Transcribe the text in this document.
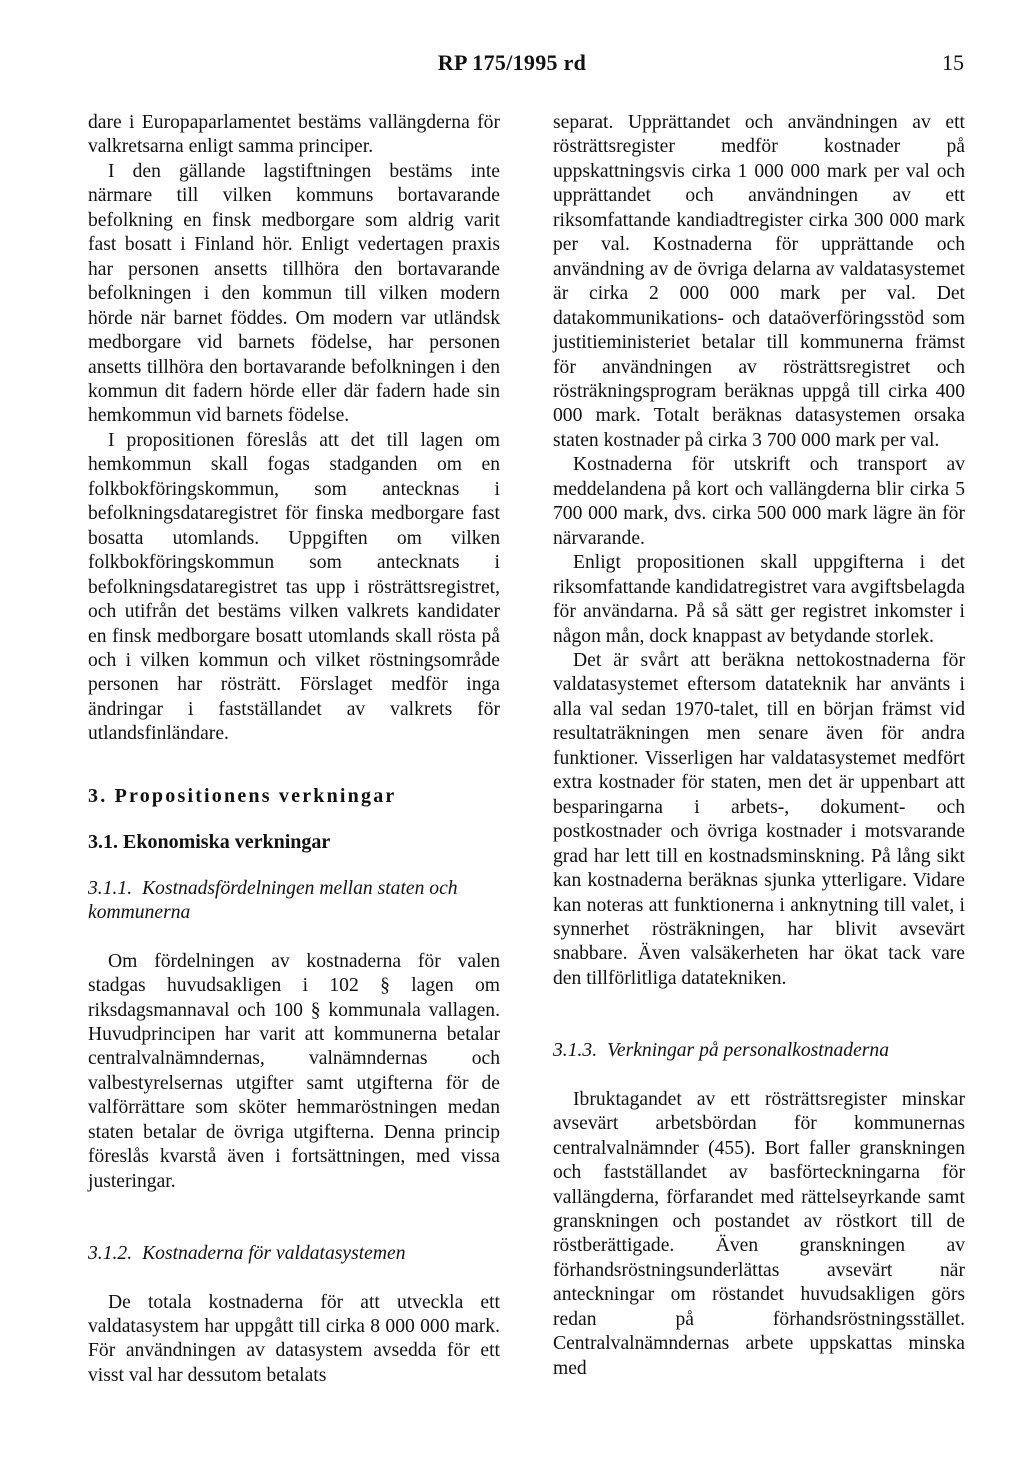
RP 175/1995 rd	15

dare i Europaparlamentet bestäms vallängderna för valkretsarna enligt samma principer.

I den gällande lagstiftningen bestäms inte närmare till vilken kommuns bortavarande befolkning en finsk medborgare som aldrig varit fast bosatt i Finland hör. Enligt vedertagen praxis har personen ansetts tillhöra den bortavarande befolkningen i den kommun till vilken modern hörde när barnet föddes. Om modern var utländsk medborgare vid barnets födelse, har personen ansetts tillhöra den bortavarande befolkningen i den kommun dit fadern hörde eller där fadern hade sin hemkommun vid barnets födelse.

I propositionen föreslås att det till lagen om hemkommun skall fogas stadganden om en folkbokföringskommun, som antecknas i befolkningsdataregistret för finska medborgare fast bosatta utomlands. Uppgiften om vilken folkbokföringskommun som antecknats i befolkningsdataregistret tas upp i rösträttsregistret, och utifrån det bestäms vilken valkrets kandidater en finsk medborgare bosatt utomlands skall rösta på och i vilken kommun och vilket röstningsområde personen har rösträtt. Förslaget medför inga ändringar i fastställandet av valkrets för utlandsfinländare.

3. Propositionens verkningar
3.1. Ekonomiska verkningar
3.1.1. Kostnadsfördelningen mellan staten och kommunerna

Om fördelningen av kostnaderna för valen stadgas huvudsakligen i 102 § lagen om riksdagsmannaval och 100 § kommunala vallagen. Huvudprincipen har varit att kommunerna betalar centralvalnämndernas, valnämndernas och valbestyrelsernas utgifter samt utgifterna för de valförrättare som sköter hemmaröstningen medan staten betalar de övriga utgifterna. Denna princip föreslås kvarstå även i fortsättningen, med vissa justeringar.

3.1.2. Kostnaderna för valdatasystemen

De totala kostnaderna för att utveckla ett valdatasystem har uppgått till cirka 8 000 000 mark. För användningen av datasystem avsedda för ett visst val har dessutom betalats

separat. Upprättandet och användningen av ett rösträttsregister medför kostnader på uppskattningsvis cirka 1 000 000 mark per val och upprättandet och användningen av ett riksomfattande kandiadtregister cirka 300 000 mark per val. Kostnaderna för upprättande och användning av de övriga delarna av valdatasystemet är cirka 2 000 000 mark per val. Det datakommunikations- och dataöverföringsstöd som justitieministeriet betalar till kommunerna främst för användningen av rösträttsregistret och rösträkningsprogram beräknas uppgå till cirka 400 000 mark. Totalt beräknas datasystemen orsaka staten kostnader på cirka 3 700 000 mark per val.

Kostnaderna för utskrift och transport av meddelandena på kort och vallängderna blir cirka 5 700 000 mark, dvs. cirka 500 000 mark lägre än för närvarande.

Enligt propositionen skall uppgifterna i det riksomfattande kandidatregistret vara avgiftsbelagda för användarna. På så sätt ger registret inkomster i någon mån, dock knappast av betydande storlek.

Det är svårt att beräkna nettokostnaderna för valdatasystemet eftersom datateknik har använts i alla val sedan 1970-talet, till en början främst vid resultaträkningen men senare även för andra funktioner. Visserligen har valdatasystemet medfört extra kostnader för staten, men det är uppenbart att besparingarna i arbets-, dokument- och postkostnader och övriga kostnader i motsvarande grad har lett till en kostnadsminskning. På lång sikt kan kostnaderna beräknas sjunka ytterligare. Vidare kan noteras att funktionerna i anknytning till valet, i synnerhet rösträkningen, har blivit avsevärt snabbare. Även valsäkerheten har ökat tack vare den tillförlitliga datatekniken.

3.1.3. Verkningar på personalkostnaderna

Ibruktagandet av ett rösträttsregister minskar avsevärt arbetsbördan för kommunernas centralvalnämnder (455). Bort faller granskningen och fastställandet av basförteckningarna för vallängderna, förfarandet med rättelseyrkande samt granskningen och postandet av röstkort till de röstberättigade. Även granskningen av förhandsröstningsunderlättas avsevärt när anteckningar om röstandet huvudsakligen görs redan på förhandsröstningsstället. Centralvalnämndernas arbete uppskattas minska med
